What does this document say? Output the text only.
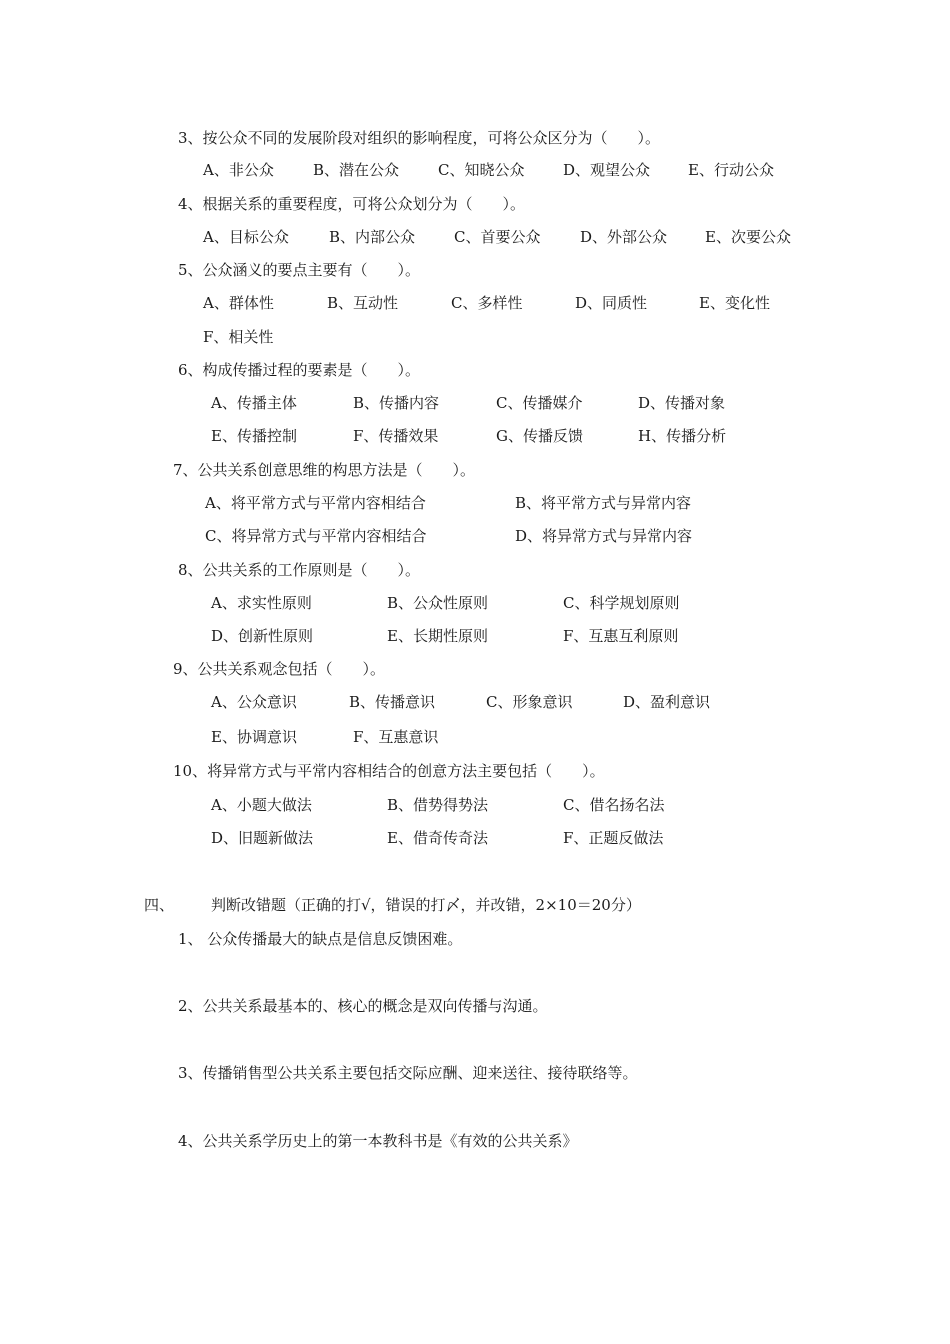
3、按公众不同的发展阶段对组织的影响程度，可将公众区分为（　　）。
A、非公众	B、潜在公众	C、知晓公众	D、观望公众	E、行动公众
4、根据关系的重要程度，可将公众划分为（　　）。
A、目标公众	B、内部公众	C、首要公众	D、外部公众	E、次要公众
5、公众涵义的要点主要有（　　）。
A、群体性	B、互动性	C、多样性	D、同质性	E、变化性
F、相关性
6、构成传播过程的要素是（　　）。
A、传播主体	B、传播内容	C、传播媒介	D、传播对象
E、传播控制	F、传播效果	G、传播反馈	H、传播分析
7、公共关系创意思维的构思方法是（　　）。
A、将平常方式与平常内容相结合	B、将平常方式与异常内容
C、将异常方式与平常内容相结合	D、将异常方式与异常内容
8、公共关系的工作原则是（　　）。
A、求实性原则	B、公众性原则	C、科学规划原则
D、创新性原则	E、长期性原则	F、互惠互利原则
9、公共关系观念包括（　　）。
A、公众意识	B、传播意识	C、形象意识	D、盈利意识
E、协调意识	F、互惠意识
10、将异常方式与平常内容相结合的创意方法主要包括（　　）。
A、小题大做法	B、借势得势法	C、借名扬名法
D、旧题新做法	E、借奇传奇法	F、正题反做法
四、 判断改错题（正确的打√，错误的打〆，并改错，2×10＝20分）
1、 公众传播最大的缺点是信息反馈困难。
2、公共关系最基本的、核心的概念是双向传播与沟通。
3、传播销售型公共关系主要包括交际应酬、迎来送往、接待联络等。
4、公共关系学历史上的第一本教科书是《有效的公共关系》
